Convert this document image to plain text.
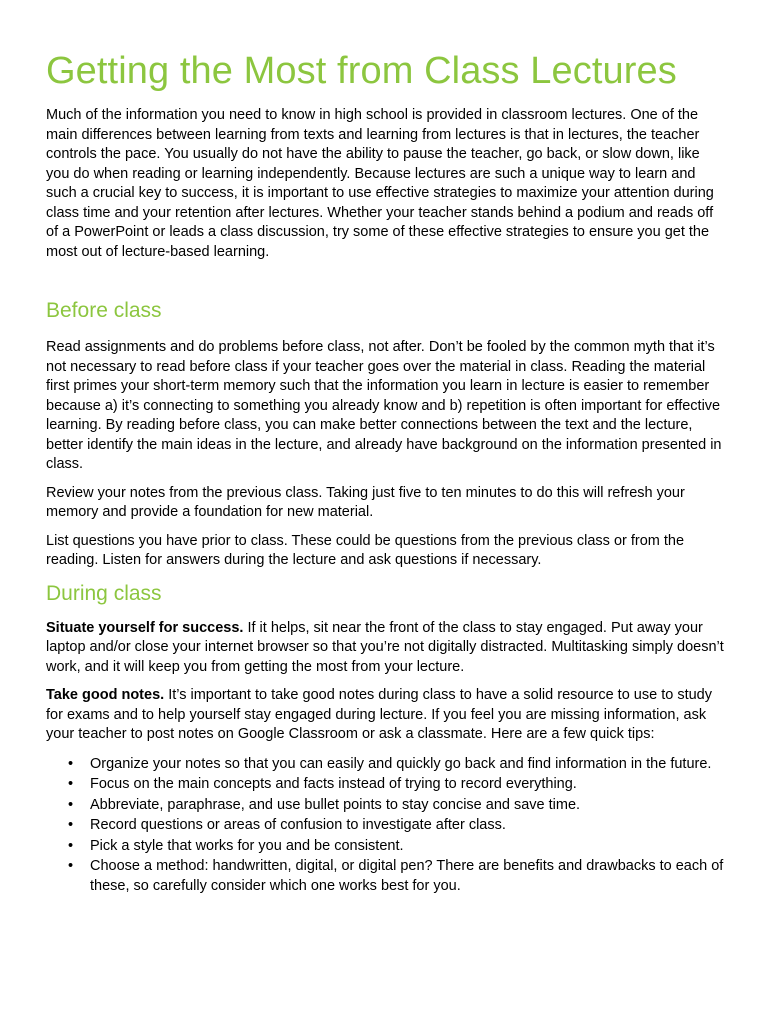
Getting the Most from Class Lectures

Much of the information you need to know in high school is provided in classroom lectures. One of the main differences between learning from texts and learning from lectures is that in lectures, the teacher controls the pace. You usually do not have the ability to pause the teacher, go back, or slow down, like you do when reading or learning independently. Because lectures are such a unique way to learn and such a crucial key to success, it is important to use effective strategies to maximize your attention during class time and your retention after lectures. Whether your teacher stands behind a podium and reads off of a PowerPoint or leads a class discussion, try some of these effective strategies to ensure you get the most out of lecture-based learning.

Before class

Read assignments and do problems before class, not after. Don’t be fooled by the common myth that it’s not necessary to read before class if your teacher goes over the material in class. Reading the material first primes your short-term memory such that the information you learn in lecture is easier to remember because a) it’s connecting to something you already know and b) repetition is often important for effective learning. By reading before class, you can make better connections between the text and the lecture, better identify the main ideas in the lecture, and already have background on the information presented in class.

Review your notes from the previous class. Taking just five to ten minutes to do this will refresh your memory and provide a foundation for new material.

List questions you have prior to class. These could be questions from the previous class or from the reading. Listen for answers during the lecture and ask questions if necessary.

During class

Situate yourself for success. If it helps, sit near the front of the class to stay engaged. Put away your laptop and/or close your internet browser so that you’re not digitally distracted. Multitasking simply doesn’t work, and it will keep you from getting the most from your lecture.

Take good notes. It’s important to take good notes during class to have a solid resource to use to study for exams and to help yourself stay engaged during lecture. If you feel you are missing information, ask your teacher to post notes on Google Classroom or ask a classmate. Here are a few quick tips:

• Organize your notes so that you can easily and quickly go back and find information in the future.
• Focus on the main concepts and facts instead of trying to record everything.
• Abbreviate, paraphrase, and use bullet points to stay concise and save time.
• Record questions or areas of confusion to investigate after class.
• Pick a style that works for you and be consistent.
• Choose a method: handwritten, digital, or digital pen? There are benefits and drawbacks to each of these, so carefully consider which one works best for you.
